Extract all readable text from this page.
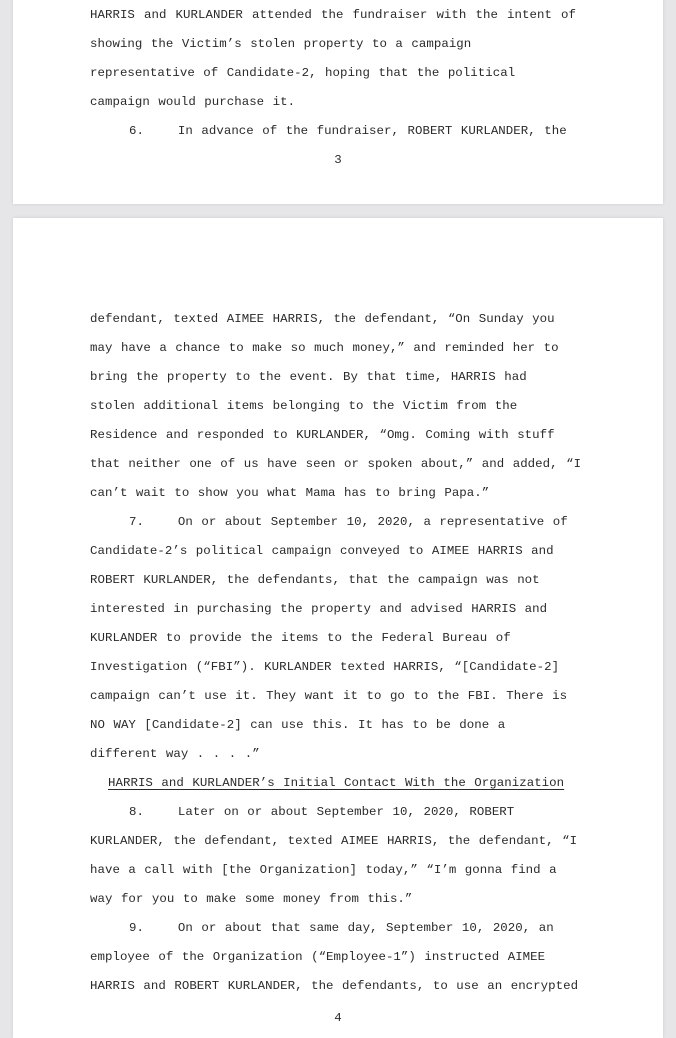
HARRIS and KURLANDER attended the fundraiser with the intent of

showing the Victim’s stolen property to a campaign

representative of Candidate-2, hoping that the political

campaign would purchase it.

6.    In advance of the fundraiser, ROBERT KURLANDER, the

3

defendant, texted AIMEE HARRIS, the defendant, “On Sunday you

may have a chance to make so much money,” and reminded her to

bring the property to the event. By that time, HARRIS had

stolen additional items belonging to the Victim from the

Residence and responded to KURLANDER, “Omg. Coming with stuff

that neither one of us have seen or spoken about,” and added, “I

can’t wait to show you what Mama has to bring Papa.”

7.    On or about September 10, 2020, a representative of

Candidate-2’s political campaign conveyed to AIMEE HARRIS and

ROBERT KURLANDER, the defendants, that the campaign was not

interested in purchasing the property and advised HARRIS and

KURLANDER to provide the items to the Federal Bureau of

Investigation (“FBI”). KURLANDER texted HARRIS, “[Candidate-2]

campaign can’t use it. They want it to go to the FBI. There is

NO WAY [Candidate-2] can use this. It has to be done a

different way . . . .”

HARRIS and KURLANDER’s Initial Contact With the Organization

8.    Later on or about September 10, 2020, ROBERT

KURLANDER, the defendant, texted AIMEE HARRIS, the defendant, “I

have a call with [the Organization] today,” “I’m gonna find a

way for you to make some money from this.”

9.    On or about that same day, September 10, 2020, an

employee of the Organization (“Employee-1”) instructed AIMEE

HARRIS and ROBERT KURLANDER, the defendants, to use an encrypted

4
